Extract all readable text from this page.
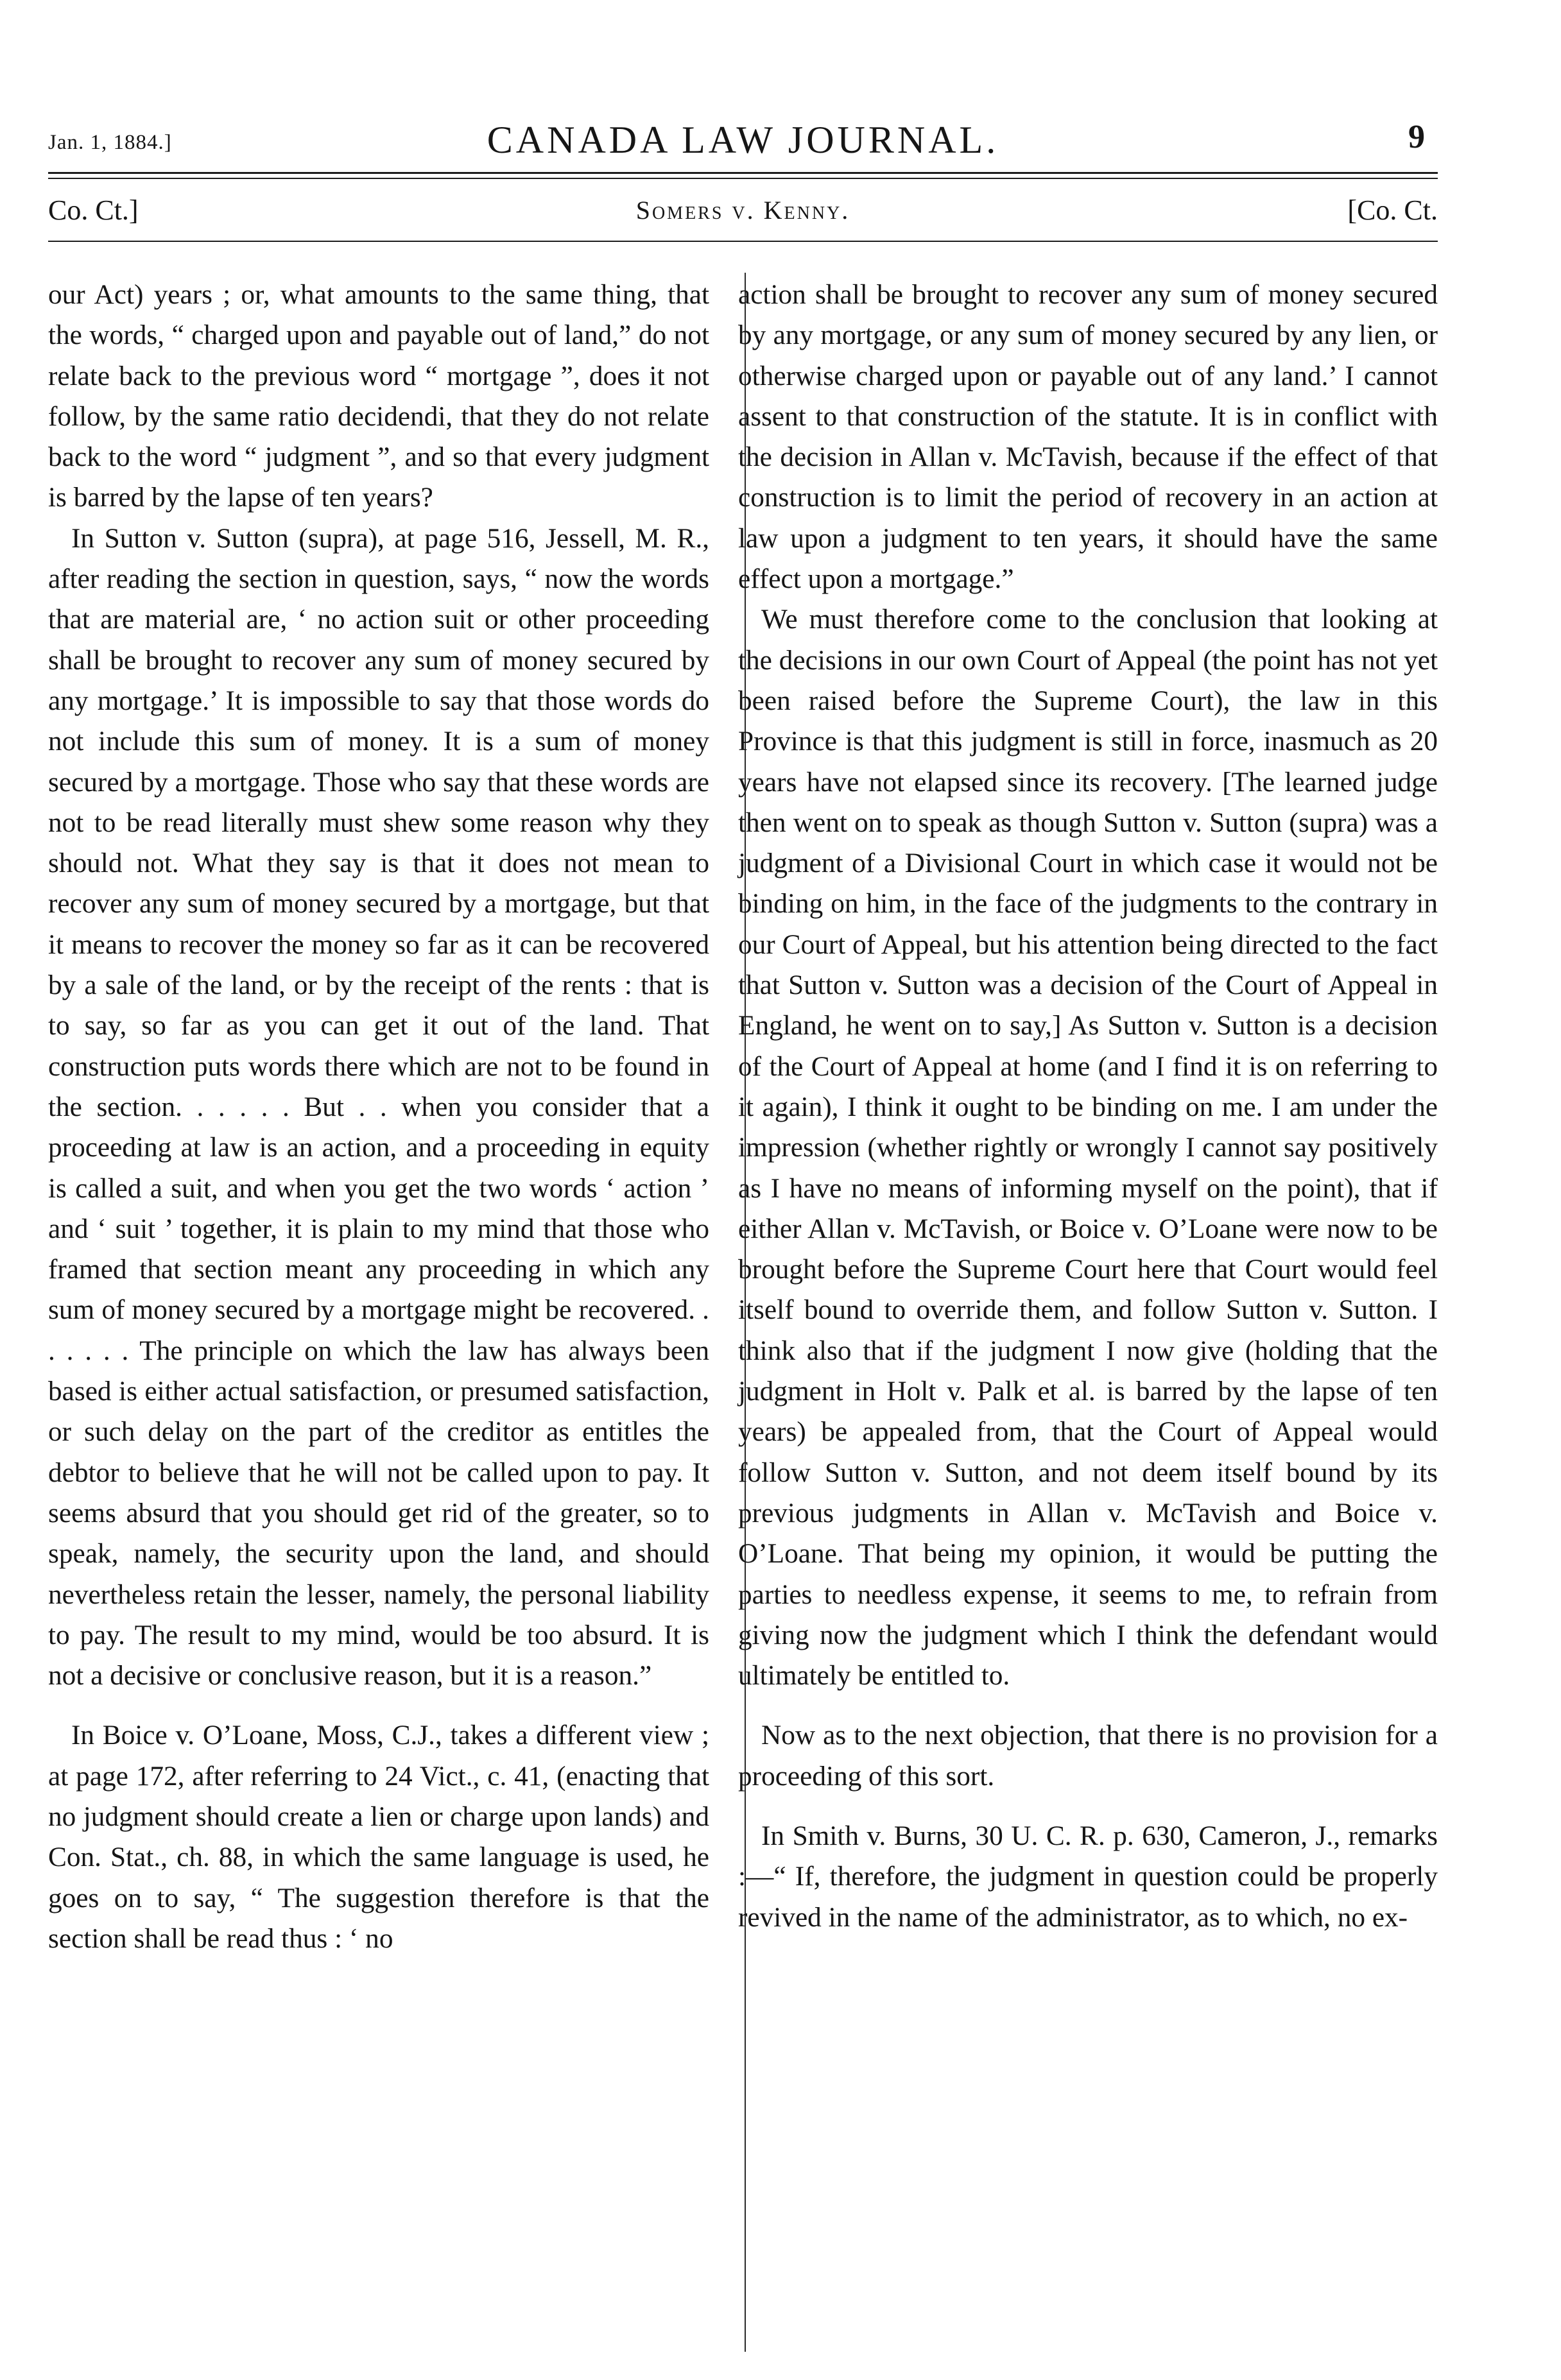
Jan. 1, 1884.]	CANADA LAW JOURNAL.	9
Co. Ct.]	Somers v. Kenny.	[Co. Ct.

our Act) years ; or, what amounts to the same thing, that the words, “ charged upon and payable out of land,” do not relate back to the previous word “ mortgage ”, does it not follow, by the same ratio decidendi, that they do not relate back to the word “ judgment ”, and so that every judgment is barred by the lapse of ten years?

In Sutton v. Sutton (supra), at page 516, Jessell, M. R., after reading the section in question, says, “ now the words that are material are, ‘ no action suit or other proceeding shall be brought to recover any sum of money secured by any mortgage.’ It is impossible to say that those words do not include this sum of money. It is a sum of money secured by a mortgage. Those who say that these words are not to be read literally must shew some reason why they should not. What they say is that it does not mean to recover any sum of money secured by a mortgage, but that it means to recover the money so far as it can be recovered by a sale of the land, or by the receipt of the rents : that is to say, so far as you can get it out of the land. That construction puts words there which are not to be found in the section. . . . . . But . . when you consider that a proceeding at law is an action, and a proceeding in equity is called a suit, and when you get the two words ‘ action ’ and ‘ suit ’ together, it is plain to my mind that those who framed that section meant any proceeding in which any sum of money secured by a mortgage might be recovered. . . . . . . The principle on which the law has always been based is either actual satisfaction, or presumed satisfaction, or such delay on the part of the creditor as entitles the debtor to believe that he will not be called upon to pay. It seems absurd that you should get rid of the greater, so to speak, namely, the security upon the land, and should nevertheless retain the lesser, namely, the personal liability to pay. The result to my mind, would be too absurd. It is not a decisive or conclusive reason, but it is a reason.”

In Boice v. O’Loane, Moss, C.J., takes a different view ; at page 172, after referring to 24 Vict., c. 41, (enacting that no judgment should create a lien or charge upon lands) and Con. Stat., ch. 88, in which the same language is used, he goes on to say, “ The suggestion therefore is that the section shall be read thus : ‘ no

action shall be brought to recover any sum of money secured by any mortgage, or any sum of money secured by any lien, or otherwise charged upon or payable out of any land.’ I cannot assent to that construction of the statute. It is in conflict with the decision in Allan v. McTavish, because if the effect of that construction is to limit the period of recovery in an action at law upon a judgment to ten years, it should have the same effect upon a mortgage.”

We must therefore come to the conclusion that looking at the decisions in our own Court of Appeal (the point has not yet been raised before the Supreme Court), the law in this Province is that this judgment is still in force, inasmuch as 20 years have not elapsed since its recovery. [The learned judge then went on to speak as though Sutton v. Sutton (supra) was a judgment of a Divisional Court in which case it would not be binding on him, in the face of the judgments to the contrary in our Court of Appeal, but his attention being directed to the fact that Sutton v. Sutton was a decision of the Court of Appeal in England, he went on to say,] As Sutton v. Sutton is a decision of the Court of Appeal at home (and I find it is on referring to it again), I think it ought to be binding on me. I am under the impression (whether rightly or wrongly I cannot say positively as I have no means of informing myself on the point), that if either Allan v. McTavish, or Boice v. O’Loane were now to be brought before the Supreme Court here that Court would feel itself bound to override them, and follow Sutton v. Sutton. I think also that if the judgment I now give (holding that the judgment in Holt v. Palk et al. is barred by the lapse of ten years) be appealed from, that the Court of Appeal would follow Sutton v. Sutton, and not deem itself bound by its previous judgments in Allan v. McTavish and Boice v. O’Loane. That being my opinion, it would be putting the parties to needless expense, it seems to me, to refrain from giving now the judgment which I think the defendant would ultimately be entitled to.

Now as to the next objection, that there is no provision for a proceeding of this sort.

In Smith v. Burns, 30 U. C. R. p. 630, Cameron, J., remarks :—“ If, therefore, the judgment in question could be properly revived in the name of the administrator, as to which, no ex-
